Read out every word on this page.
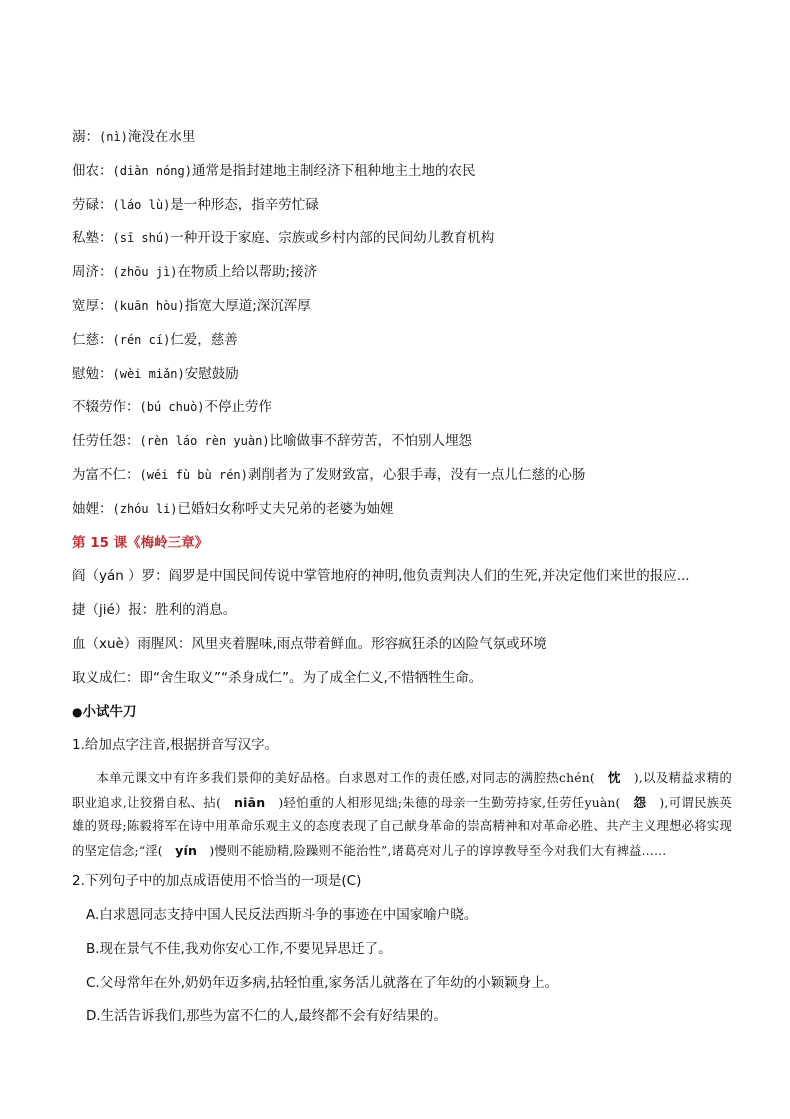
溺：(nì)淹没在水里
佃农：(diàn nóng)通常是指封建地主制经济下租种地主土地的农民
劳碌：(láo lù)是一种形态，指辛劳忙碌
私塾：(sī shú)一种开设于家庭、宗族或乡村内部的民间幼儿教育机构
周济：(zhōu jì)在物质上给以帮助;接济
宽厚：(kuān hòu)指宽大厚道;深沉浑厚
仁慈：(rén cí)仁爱，慈善
慰勉：(wèi miǎn)安慰鼓励
不辍劳作：(bú chuò)不停止劳作
任劳任怨：(rèn láo rèn yuàn)比喻做事不辞劳苦，不怕别人埋怨
为富不仁：(wéi fù bù rén)剥削者为了发财致富，心狠手毒，没有一点儿仁慈的心肠
妯娌：(zhóu li)已婚妇女称呼丈夫兄弟的老婆为妯娌
第 15 课《梅岭三章》
阎（yán ）罗：阎罗是中国民间传说中掌管地府的神明,他负责判决人们的生死,并决定他们来世的报应...
捷（jié）报：胜利的消息。
血（xuè）雨腥风：风里夹着腥味,雨点带着鲜血。形容疯狂杀的凶险气氛或环境
取义成仁：即“舍生取义”“杀身成仁”。为了成全仁义,不惜牺牲生命。
●小试牛刀
1.给加点字注音,根据拼音写汉字。
本单元课文中有许多我们景仰的美好品格。白求恩对工作的责任感,对同志的满腔热chén( 忱 ),以及精益求精的职业追求,让狡猾自私、拈( niān )轻怕重的人相形见绌;朱德的母亲一生勤劳持家,任劳任yuàn( 怨 ),可谓民族英雄的贤母;陈毅将军在诗中用革命乐观主义的态度表现了自己献身革命的崇高精神和对革命必胜、共产主义理想必将实现的坚定信念;“淫( yín )慢则不能励精,险躁则不能治性”,诸葛亮对儿子的谆谆教导至今对我们大有裨益……
2.下列句子中的加点成语使用不恰当的一项是(C)
A.白求恩同志支持中国人民反法西斯斗争的事迹在中国家喻户晓。
B.现在景气不佳,我劝你安心工作,不要见异思迁了。
C.父母常年在外,奶奶年迈多病,拈轻怕重,家务活儿就落在了年幼的小颖颖身上。
D.生活告诉我们,那些为富不仁的人,最终都不会有好结果的。
